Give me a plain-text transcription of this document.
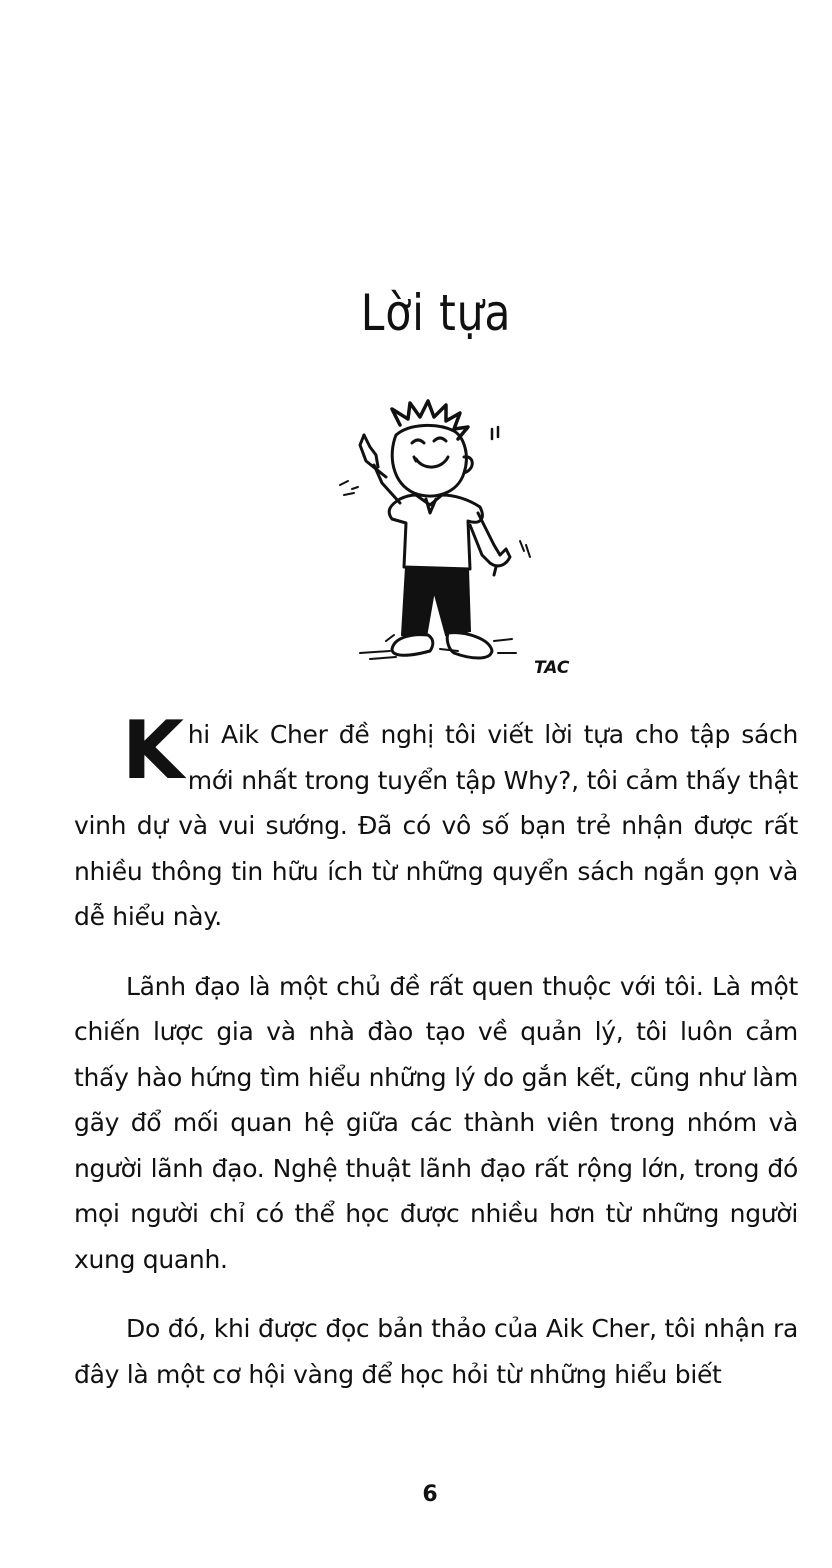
Lời tựa
TAC

Khi Aik Cher đề nghị tôi viết lời tựa cho tập sách mới nhất trong tuyển tập Why?, tôi cảm thấy thật vinh dự và vui sướng. Đã có vô số bạn trẻ nhận được rất nhiều thông tin hữu ích từ những quyển sách ngắn gọn và dễ hiểu này.

Lãnh đạo là một chủ đề rất quen thuộc với tôi. Là một chiến lược gia và nhà đào tạo về quản lý, tôi luôn cảm thấy hào hứng tìm hiểu những lý do gắn kết, cũng như làm gãy đổ mối quan hệ giữa các thành viên trong nhóm và người lãnh đạo. Nghệ thuật lãnh đạo rất rộng lớn, trong đó mọi người chỉ có thể học được nhiều hơn từ những người xung quanh.

Do đó, khi được đọc bản thảo của Aik Cher, tôi nhận ra đây là một cơ hội vàng để học hỏi từ những hiểu biết

6
